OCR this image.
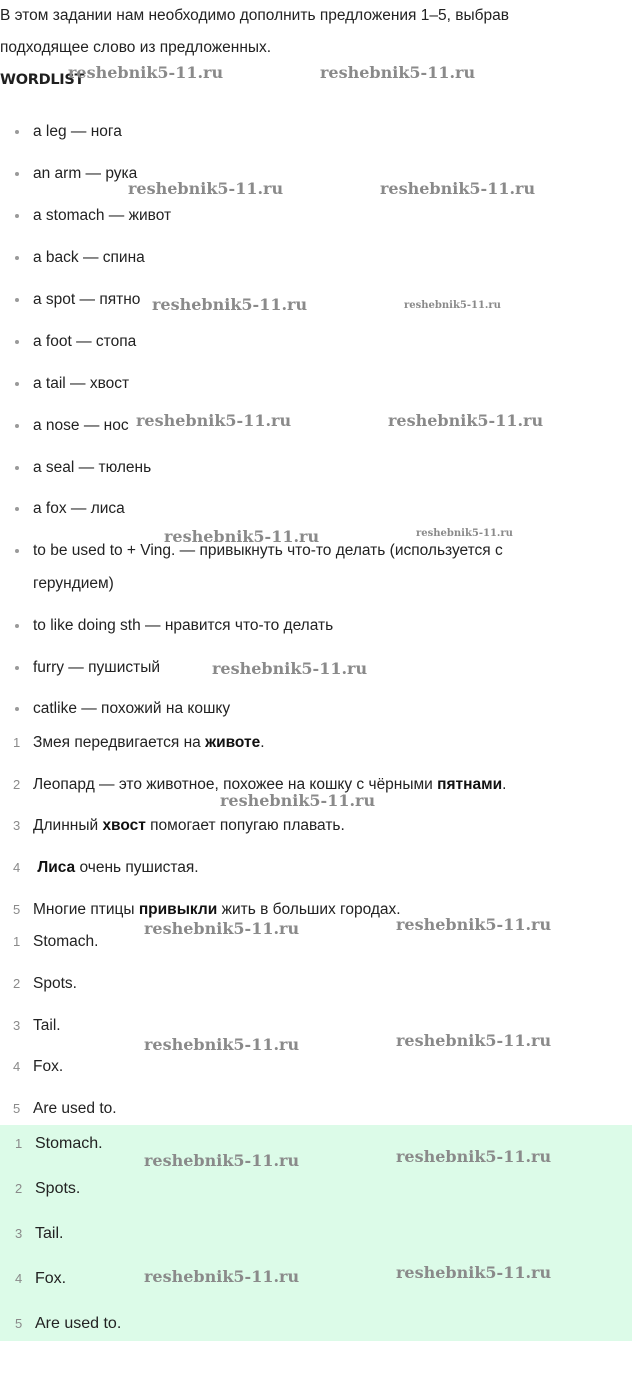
В этом задании нам необходимо дополнить предложения 1–5, выбрав
подходящее слово из предложенных.
WORDLIST
a leg — нога
an arm — рука
a stomach — живот
a back — спина
a spot — пятно
a foot — стопа
a tail — хвост
a nose — нос
a seal — тюлень
a fox — лиса
to be used to + Ving. — привыкнуть что-то делать (используется с
герундием)
to like doing sth — нравится что-то делать
furry — пушистый
catlike — похожий на кошку
1 Змея передвигается на животе.
2 Леопард — это животное, похожее на кошку с чёрными пятнами.
3 Длинный хвост помогает попугаю плавать.
4 Лиса очень пушистая.
5 Многие птицы привыкли жить в больших городах.
1 Stomach.
2 Spots.
3 Tail.
4 Fox.
5 Are used to.
1 Stomach.
2 Spots.
3 Tail.
4 Fox.
5 Are used to.
reshebnik5-11.ru	reshebnik5-11.ru
reshebnik5-11.ru	reshebnik5-11.ru
reshebnik5-11.ru	reshebnik5-11.ru
reshebnik5-11.ru	reshebnik5-11.ru
reshebnik5-11.ru	reshebnik5-11.ru
reshebnik5-11.ru
reshebnik5-11.ru
reshebnik5-11.ru	reshebnik5-11.ru
reshebnik5-11.ru	reshebnik5-11.ru
reshebnik5-11.ru	reshebnik5-11.ru
reshebnik5-11.ru	reshebnik5-11.ru
